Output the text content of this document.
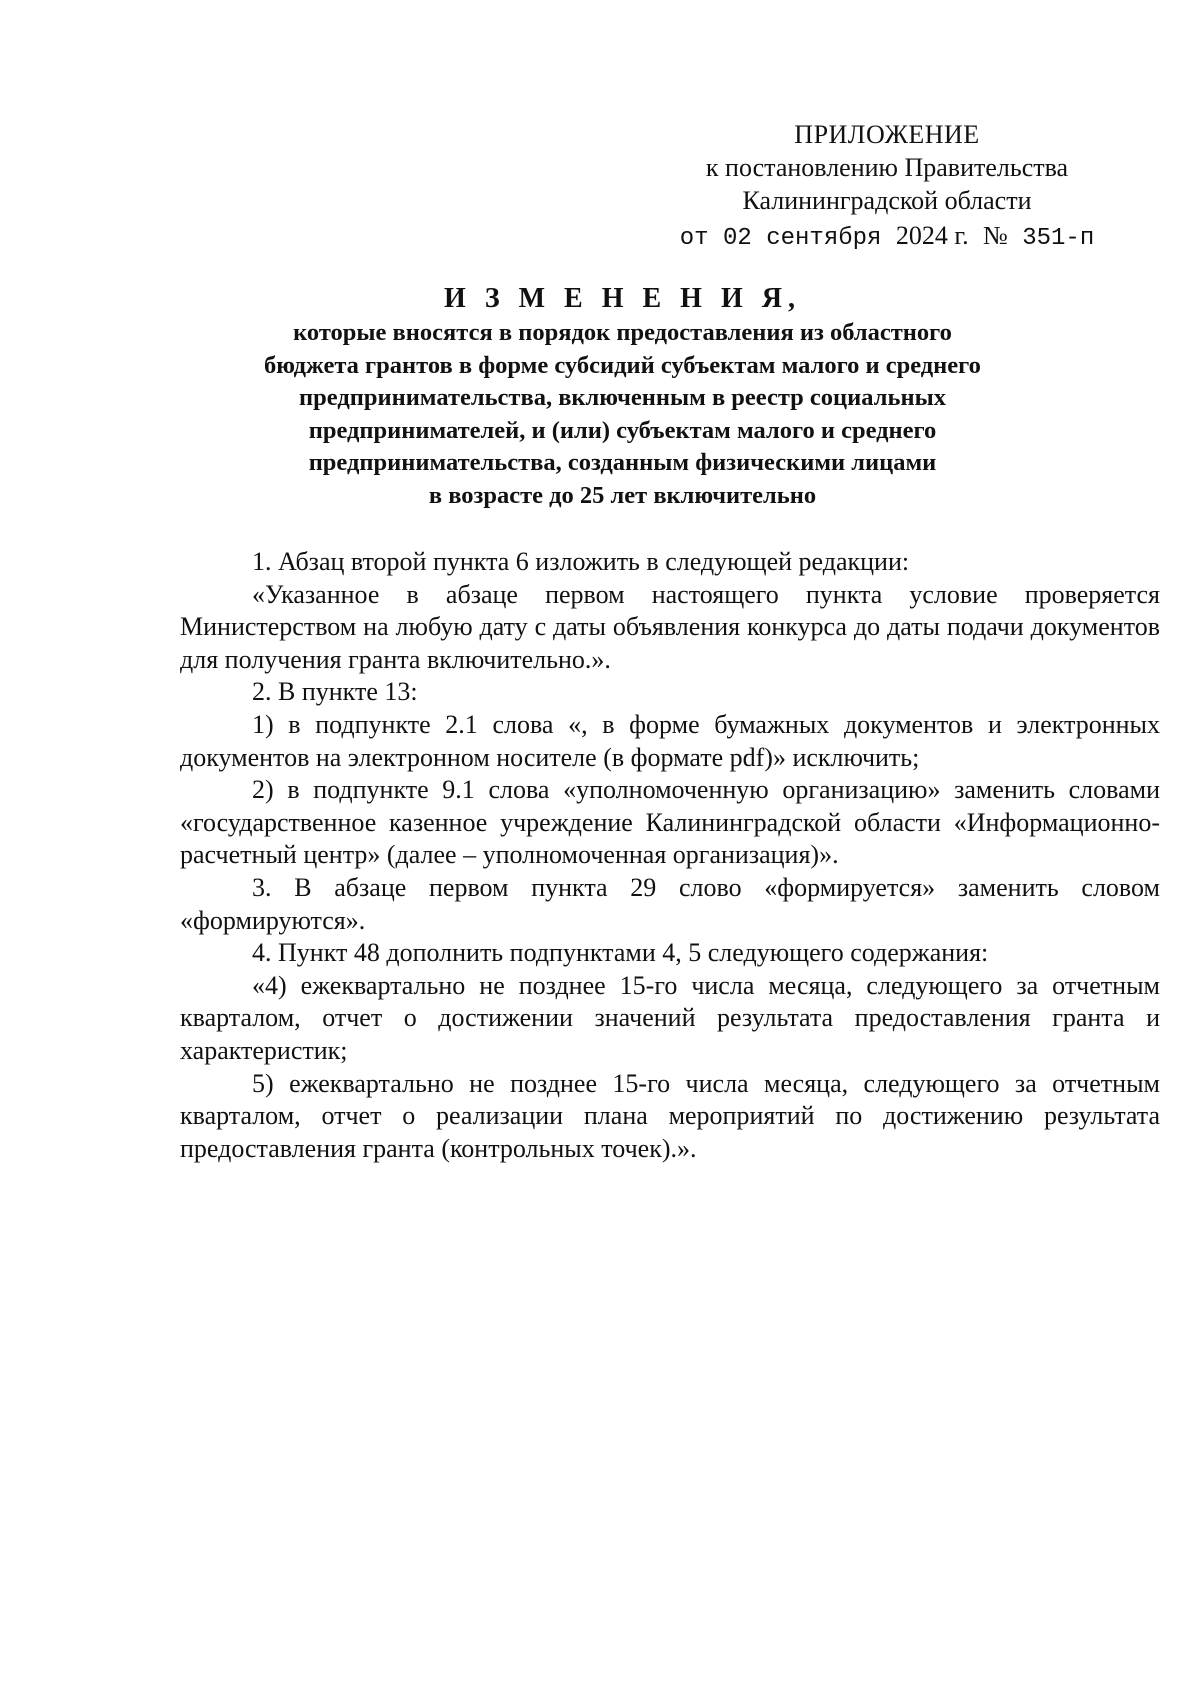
ПРИЛОЖЕНИЕ
к постановлению Правительства
Калининградской области
от 02 сентября 2024 г. № 351-п
И З М Е Н Е Н И Я,
которые вносятся в порядок предоставления из областного
бюджета грантов в форме субсидий субъектам малого и среднего
предпринимательства, включенным в реестр социальных
предпринимателей, и (или) субъектам малого и среднего
предпринимательства, созданным физическими лицами
в возрасте до 25 лет включительно

1. Абзац второй пункта 6 изложить в следующей редакции:

«Указанное в абзаце первом настоящего пункта условие проверяется Министерством на любую дату с даты объявления конкурса до даты подачи документов для получения гранта включительно.».

2. В пункте 13:

1) в подпункте 2.1 слова «, в форме бумажных документов и электронных документов на электронном носителе (в формате pdf)» исключить;

2) в подпункте 9.1 слова «уполномоченную организацию» заменить словами «государственное казенное учреждение Калининградской области «Информационно-расчетный центр» (далее – уполномоченная организация)».

3. В абзаце первом пункта 29 слово «формируется» заменить словом «формируются».

4. Пункт 48 дополнить подпунктами 4, 5 следующего содержания:

«4) ежеквартально не позднее 15-го числа месяца, следующего за отчетным кварталом, отчет о достижении значений результата предоставления гранта и характеристик;

5) ежеквартально не позднее 15-го числа месяца, следующего за отчетным кварталом, отчет о реализации плана мероприятий по достижению результата предоставления гранта (контрольных точек).».
